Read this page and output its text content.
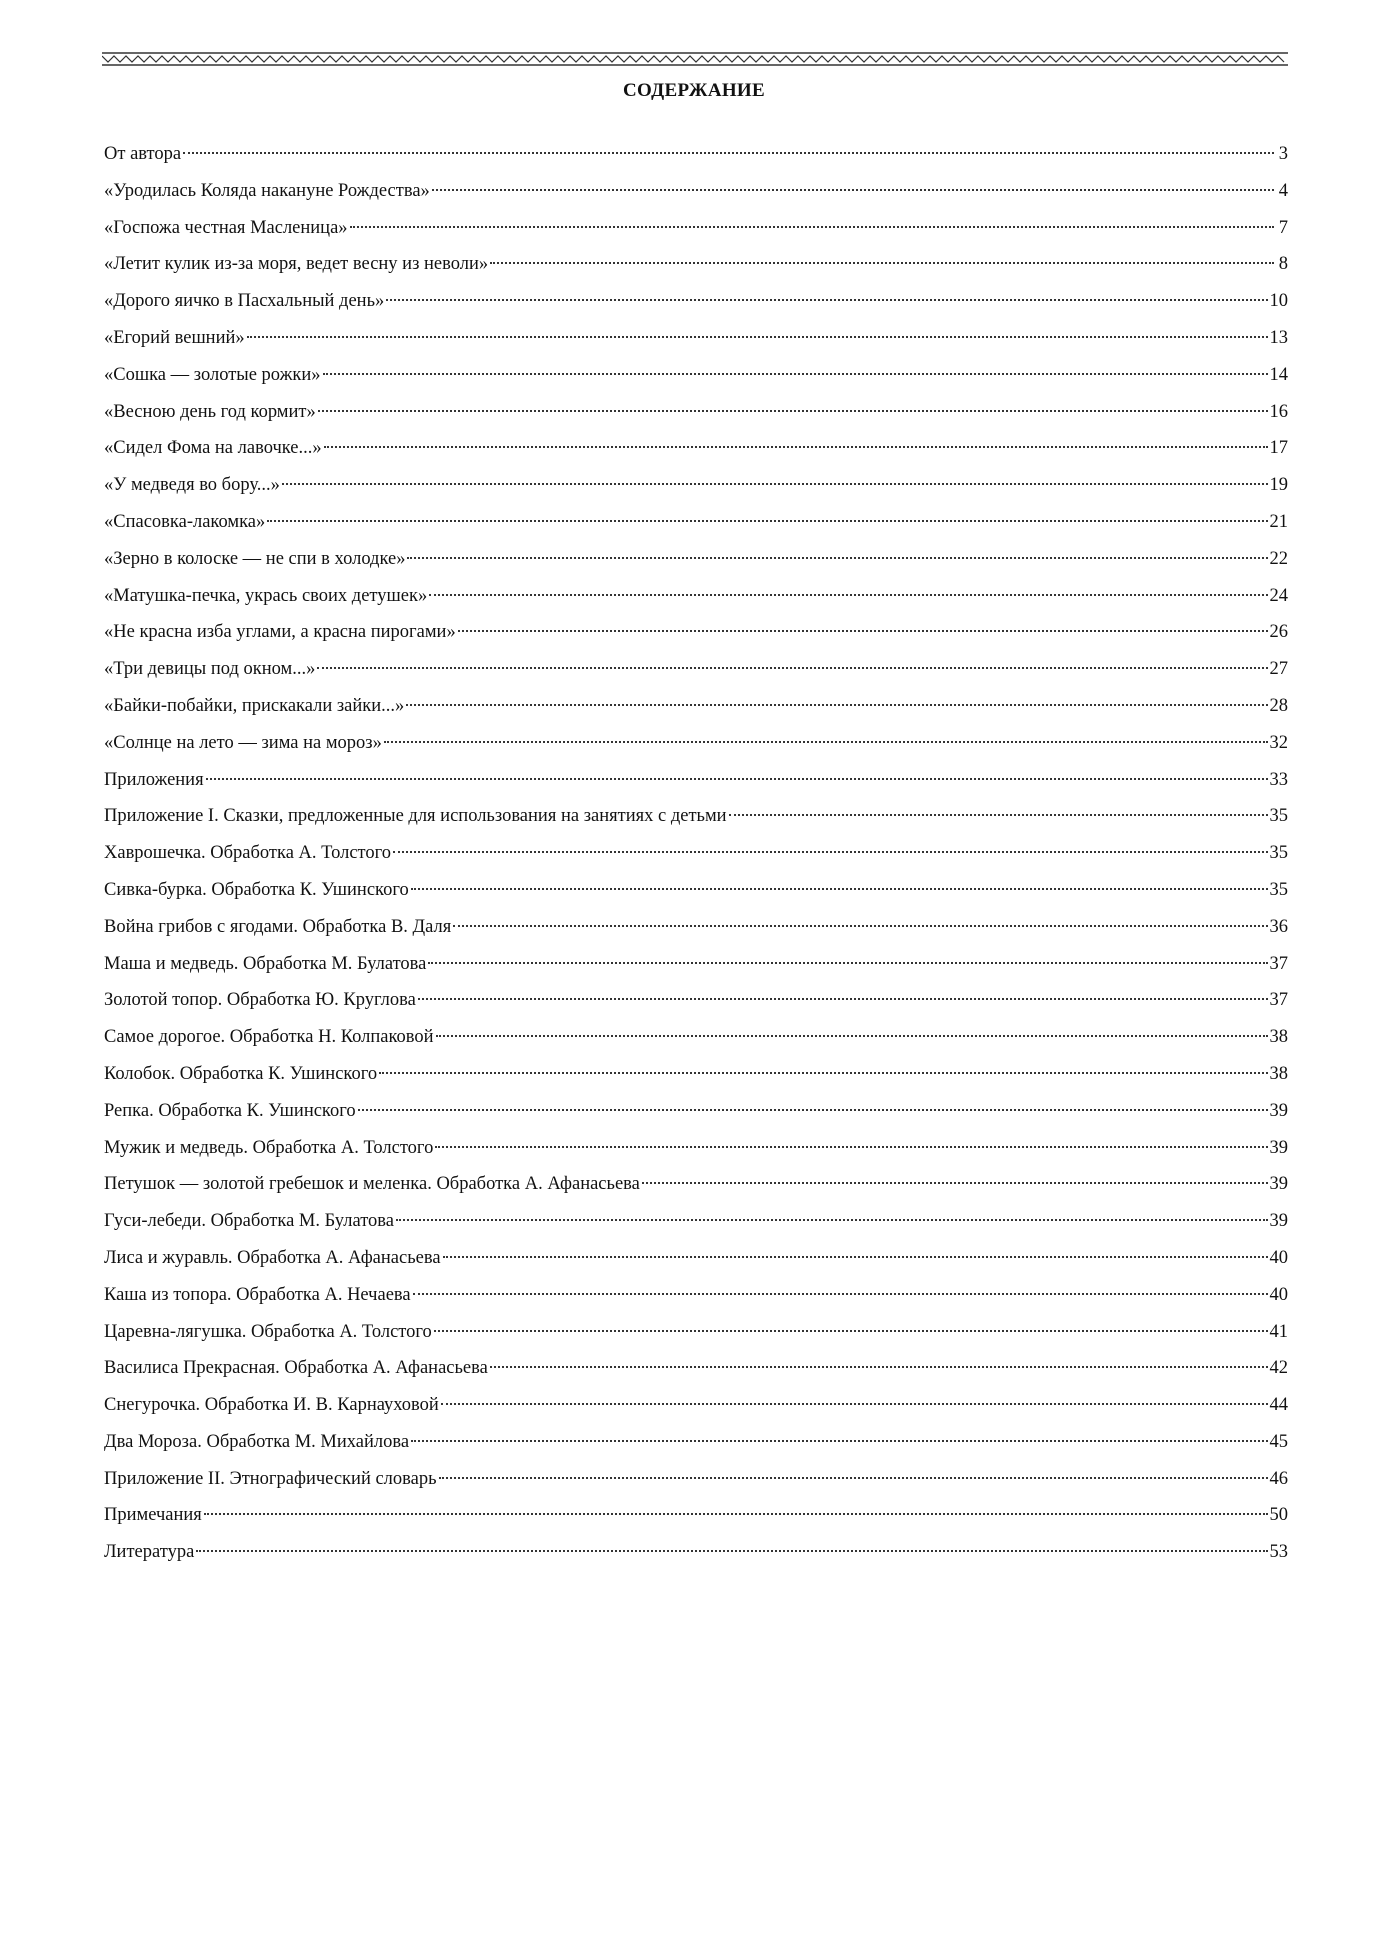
СОДЕРЖАНИЕ
От автора	3
«Уродилась Коляда накануне Рождества»	4
«Госпожа честная Масленица»	7
«Летит кулик из-за моря, ведет весну из неволи»	8
«Дорого яичко в Пасхальный день»	10
«Егорий вешний»	13
«Сошка — золотые рожки»	14
«Весною день год кормит»	16
«Сидел Фома на лавочке...»	17
«У медведя во бору...»	19
«Спасовка-лакомка»	21
«Зерно в колоске — не спи в холодке»	22
«Матушка-печка, укрась своих детушек»	24
«Не красна изба углами, а красна пирогами»	26
«Три девицы под окном...»	27
«Байки-побайки, прискакали зайки...»	28
«Солнце на лето — зима на мороз»	32
Приложения	33
Приложение I. Сказки, предложенные для использования на занятиях с детьми	35
Хаврошечка. Обработка А. Толстого	35
Сивка-бурка. Обработка К. Ушинского	35
Война грибов с ягодами. Обработка В. Даля	36
Маша и медведь. Обработка М. Булатова	37
Золотой топор. Обработка Ю. Круглова	37
Самое дорогое. Обработка Н. Колпаковой	38
Колобок. Обработка К. Ушинского	38
Репка. Обработка К. Ушинского	39
Мужик и медведь. Обработка А. Толстого	39
Петушок — золотой гребешок и меленка. Обработка А. Афанасьева	39
Гуси-лебеди. Обработка М. Булатова	39
Лиса и журавль. Обработка А. Афанасьева	40
Каша из топора. Обработка А. Нечаева	40
Царевна-лягушка. Обработка А. Толстого	41
Василиса Прекрасная. Обработка А. Афанасьева	42
Снегурочка. Обработка И. В. Карнауховой	44
Два Мороза. Обработка М. Михайлова	45
Приложение II. Этнографический словарь	46
Примечания	50
Литература	53
